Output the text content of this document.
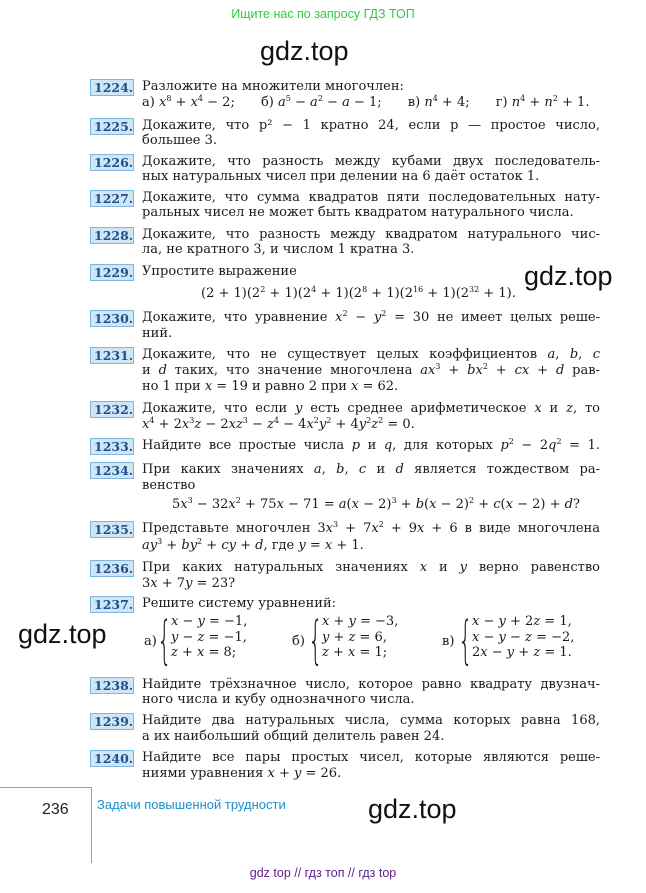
Ищите нас по запросу ГДЗ ТОП
gdz.top
gdz.top
gdz.top
gdz.top
1224. Разложите на множители многочлен:
а) $x^8 + x^4 - 2$; б) $a^5 - a^2 - a - 1$; в) $n^4 + 4$; г) $n^4 + n^2 + 1$.
1225. Докажите, что p² − 1 кратно 24, если p — простое число,
большее 3.
1226. Докажите, что разность между кубами двух последователь-
ных натуральных чисел при делении на 6 даёт остаток 1.
1227. Докажите, что сумма квадратов пяти последовательных нату-
ральных чисел не может быть квадратом натурального числа.
1228. Докажите, что разность между квадратом натурального чис-
ла, не кратного 3, и числом 1 кратна 3.
1229. Упростите выражение
$(2 + 1)(2^2 + 1)(2^4 + 1)(2^8 + 1)(2^{16} + 1)(2^{32} + 1)$.
1230. Докажите, что уравнение $x^2 - y^2 = 30$ не имеет целых реше-
ний.
1231. Докажите, что не существует целых коэффициентов a, b, c
и d таких, что значение многочлена $ax^3 + bx^2$ + cx + d рав-
но 1 при x = 19 и равно 2 при x = 62.
1232. Докажите, что если y есть среднее арифметическое x и z, то
$x^4 + 2x^3z - 2xz^3 - z^4 - 4x^2y^2 + 4y^2z^2 = 0$.
1233. Найдите все простые числа p и q, для которых $p^2 - 2q^2 = 1$.
1234. При каких значениях a, b, c и d является тождеством ра-
венство
$5x^3 - 32x^2 + 75x - 71 = a(x - 2)^3 + b(x - 2)^2 + c(x - 2) + d$?
1235. Представьте многочлен $3x^3 + 7x^2 + 9x + 6$ в виде многочлена
$ay^3 + by^2$ + cy + d, где y = x + 1.
1236. При каких натуральных значениях x и y верно равенство
3x + 7y = 23?
1237. Решите систему уравнений:
а) { x − y = −1,
y − z = −1,
z + x = 8;
б) { x + y = −3,
y + z = 6,
z + x = 1;
в) { x − y + 2z = 1,
x − y − z = −2,
2x − y + z = 1.
1238. Найдите трёхзначное число, которое равно квадрату двузнач-
ного числа и кубу однозначного числа.
1239. Найдите два натуральных числа, сумма которых равна 168,
а их наибольший общий делитель равен 24.
1240. Найдите все пары простых чисел, которые являются реше-
ниями уравнения x + y = 26.
236 Задачи повышенной трудности
gdz top // гдз топ // гдз top
